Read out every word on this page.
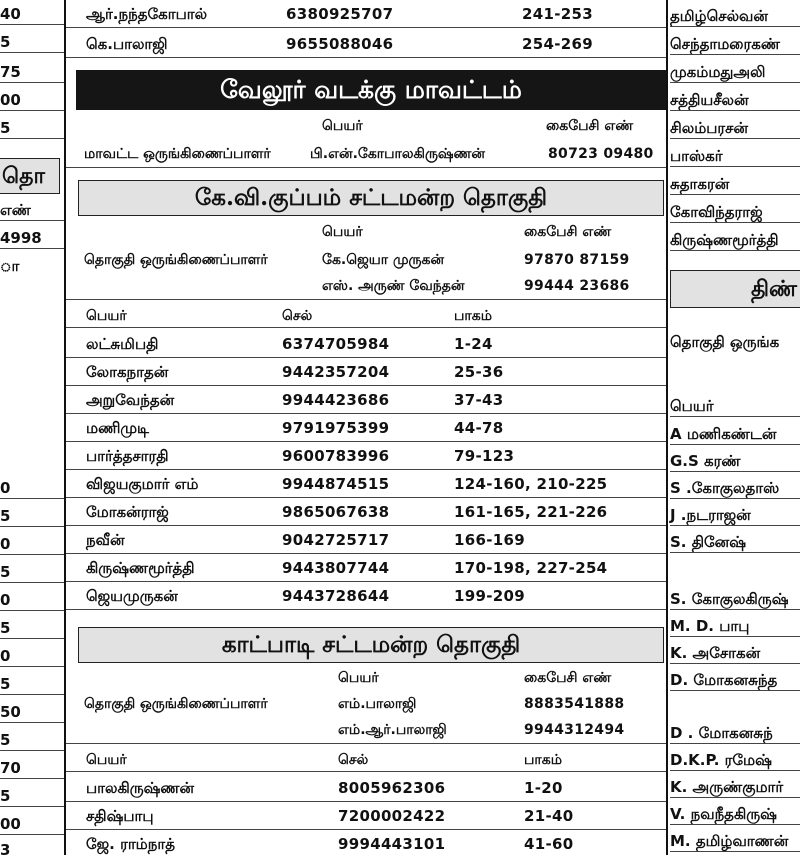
40
5
75
00
5
தொ
எண்
4998
ா
0
5
0
5
0
5
0
5
50
5
70
5
00
3
ஆர்.நந்தகோபால்	6380925707	241-253
கெ.பாலாஜி	9655088046	254-269
வேலூர் வடக்கு மாவட்டம்
பெயர்	கைபேசி எண்
மாவட்ட ஒருங்கிணைப்பாளர்	பி.என்.கோபாலகிருஷ்ணன்	80723 09480
கே.வி.குப்பம் சட்டமன்ற தொகுதி
பெயர்	கைபேசி எண்
தொகுதி ஒருங்கிணைப்பாளர்	கே.ஜெயா முருகன்	97870 87159
எஸ். அருண் வேந்தன்	99444 23686
பெயர்	செல்	பாகம்
லட்சுமிபதி	6374705984	1-24
லோகநாதன்	9442357204	25-36
அறுவேந்தன்	9944423686	37-43
மணிமுடி	9791975399	44-78
பார்த்தசாரதி	9600783996	79-123
விஜயகுமார் எம்	9944874515	124-160, 210-225
மோகன்ராஜ்	9865067638	161-165, 221-226
நவீன்	9042725717	166-169
கிருஷ்ணமூர்த்தி	9443807744	170-198, 227-254
ஜெயமுருகன்	9443728644	199-209
காட்பாடி சட்டமன்ற தொகுதி
பெயர்	கைபேசி எண்
தொகுதி ஒருங்கிணைப்பாளர்	எம்.பாலாஜி	8883541888
எம்.ஆர்.பாலாஜி	9944312494
பெயர்	செல்	பாகம்
பாலகிருஷ்ணன்	8005962306	1-20
சதிஷ்பாபு	7200002422	21-40
ஜே. ராம்நாத்	9994443101	41-60
தமிழ்செல்வன்
செந்தாமரைகண்
முகம்மதுஅலி
சத்தியசீலன்
சிலம்பரசன்
பாஸ்கர்
சுதாகரன்
கோவிந்தராஜ்
கிருஷ்ணமூர்த்தி
திண்
தொகுதி ஒருங்க
பெயர்
A மணிகண்டன்
G.S கரண்
S .கோகுலதாஸ்
J .நடராஜன்
S. தினேஷ்
S. கோகுலகிருஷ்
M. D. பாபு
K. அசோகன்
D. மோகனசுந்த
D . மோகனசுந்
D.K.P. ரமேஷ்
K. அருண்குமார்
V. நவநீதகிருஷ்
M. தமிழ்வாணன்
